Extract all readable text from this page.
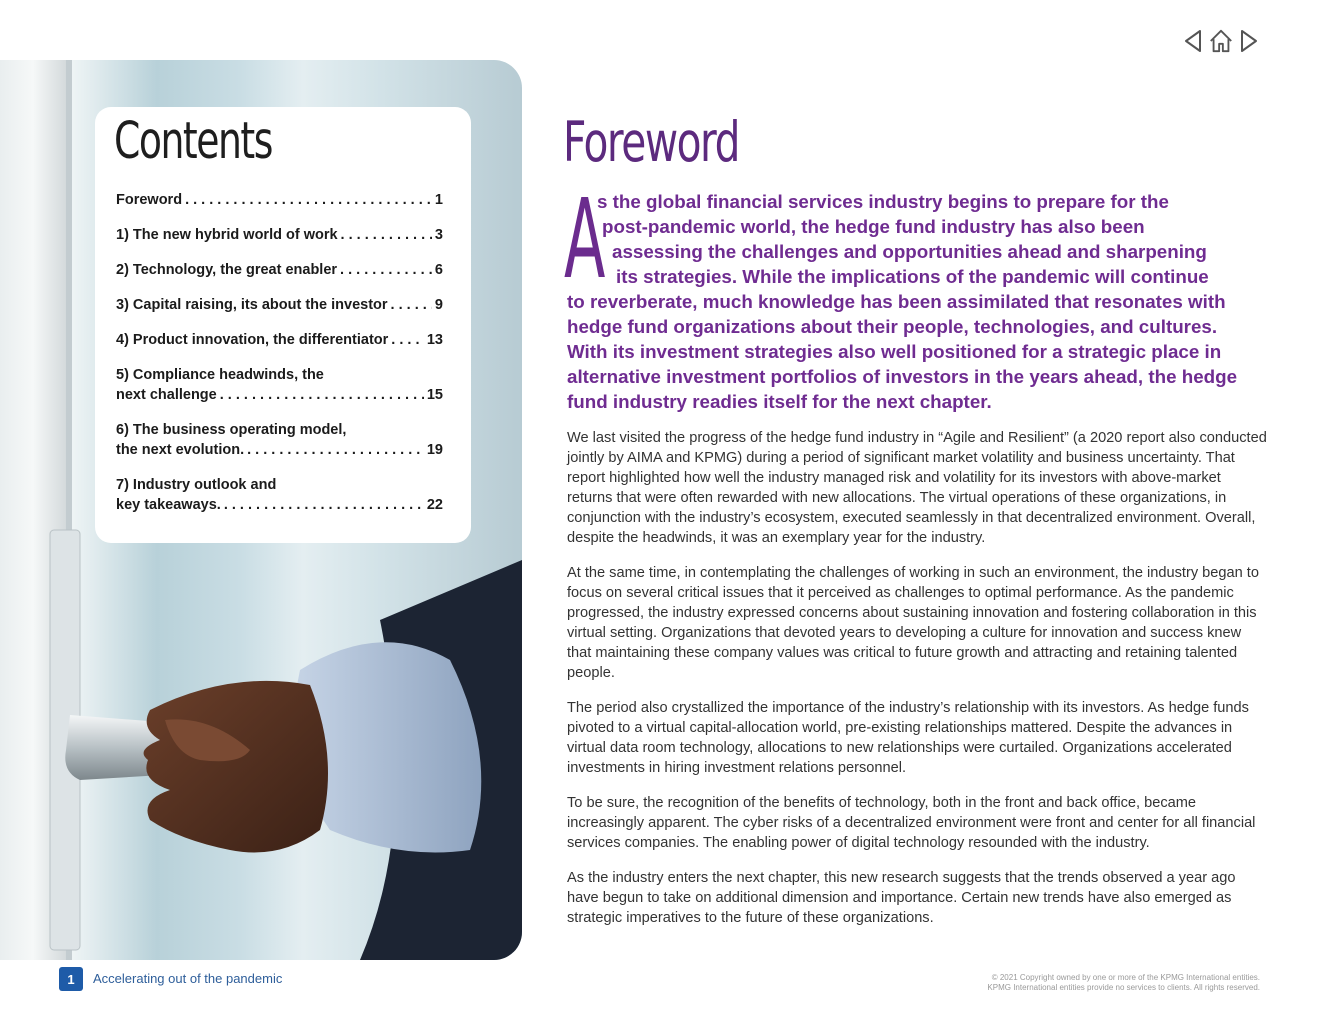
Contents
Foreword . . .	1
1) The new hybrid world of work . . .	3
2) Technology, the great enabler . . .	6
3) Capital raising, its about the investor . . .	9
4) Product innovation, the differentiator . . .	13
5) Compliance headwinds, the
next challenge . . .	15
6) The business operating model,
the next evolution. . . .	19
7) Industry outlook and
key takeaways. . . .	22
Foreword
A
s the global financial services industry begins to prepare for the
post-pandemic world, the hedge fund industry has also been
assessing the challenges and opportunities ahead and sharpening
its strategies. While the implications of the pandemic will continue
to reverberate, much knowledge has been assimilated that resonates with
hedge fund organizations about their people, technologies, and cultures.
With its investment strategies also well positioned for a strategic place in
alternative investment portfolios of investors in the years ahead, the hedge
fund industry readies itself for the next chapter.

We last visited the progress of the hedge fund industry in “Agile and Resilient” (a 2020 report also conducted jointly by AIMA and KPMG) during a period of significant market volatility and business uncertainty. That report highlighted how well the industry managed risk and volatility for its investors with above-market returns that were often rewarded with new allocations. The virtual operations of these organizations, in conjunction with the industry’s ecosystem, executed seamlessly in that decentralized environment. Overall, despite the headwinds, it was an exemplary year for the industry.

At the same time, in contemplating the challenges of working in such an environment, the industry began to focus on several critical issues that it perceived as challenges to optimal performance. As the pandemic progressed, the industry expressed concerns about sustaining innovation and fostering collaboration in this virtual setting. Organizations that devoted years to developing a culture for innovation and success knew that maintaining these company values was critical to future growth and attracting and retaining talented people.

The period also crystallized the importance of the industry’s relationship with its investors. As hedge funds pivoted to a virtual capital-allocation world, pre-existing relationships mattered. Despite the advances in virtual data room technology, allocations to new relationships were curtailed. Organizations accelerated investments in hiring investment relations personnel.

To be sure, the recognition of the benefits of technology, both in the front and back office, became increasingly apparent. The cyber risks of a decentralized environment were front and center for all financial services companies. The enabling power of digital technology resounded with the industry.

As the industry enters the next chapter, this new research suggests that the trends observed a year ago have begun to take on additional dimension and importance. Certain new trends have also emerged as strategic imperatives to the future of these organizations.

1	Accelerating out of the pandemic	© 2021 Copyright owned by one or more of the KPMG International entities.
KPMG International entities provide no services to clients. All rights reserved.
